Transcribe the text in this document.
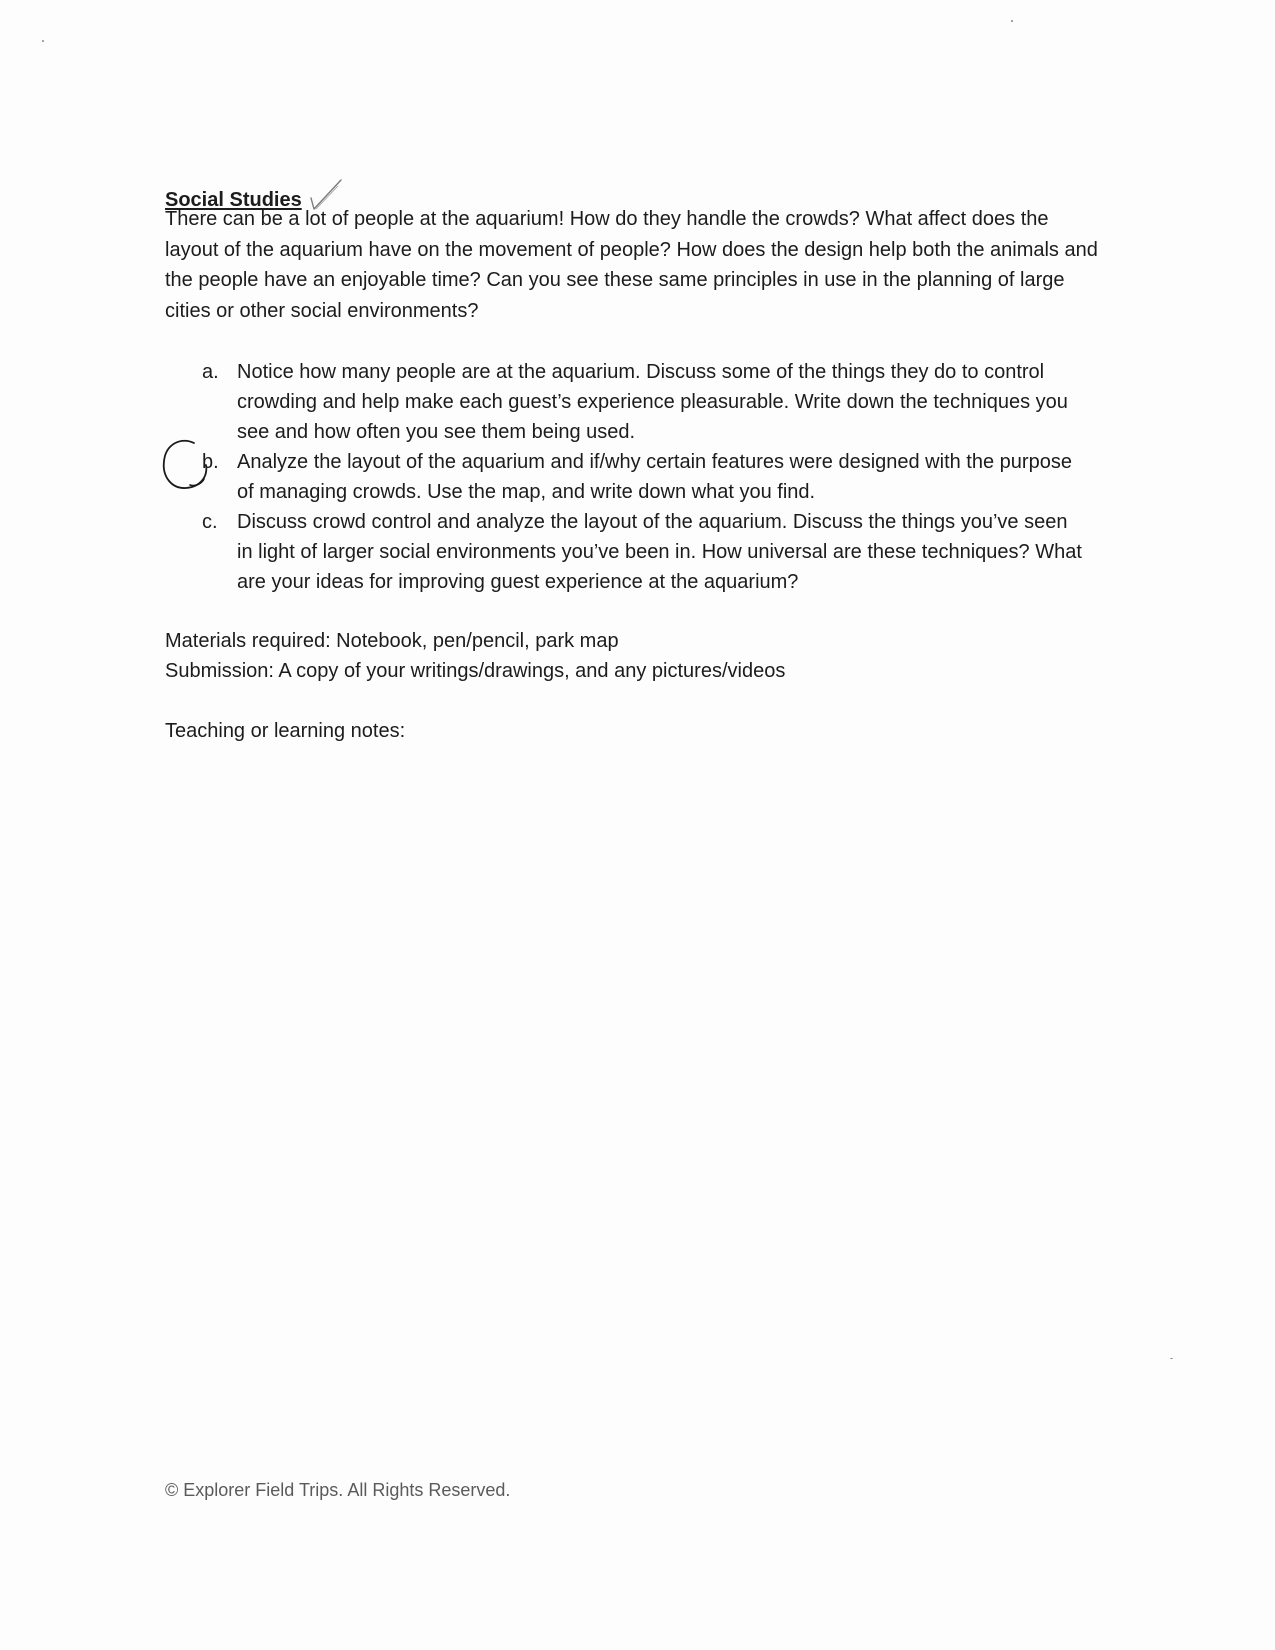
Social Studies
There can be a lot of people at the aquarium! How do they handle the crowds? What affect does the layout of the aquarium have on the movement of people? How does the design help both the animals and the people have an enjoyable time? Can you see these same principles in use in the planning of large cities or other social environments?
a. Notice how many people are at the aquarium. Discuss some of the things they do to control crowding and help make each guest’s experience pleasurable. Write down the techniques you see and how often you see them being used.
b. Analyze the layout of the aquarium and if/why certain features were designed with the purpose of managing crowds. Use the map, and write down what you find.
c. Discuss crowd control and analyze the layout of the aquarium. Discuss the things you’ve seen in light of larger social environments you’ve been in. How universal are these techniques? What are your ideas for improving guest experience at the aquarium?
Materials required: Notebook, pen/pencil, park map
Submission: A copy of your writings/drawings, and any pictures/videos
Teaching or learning notes:
© Explorer Field Trips. All Rights Reserved.
